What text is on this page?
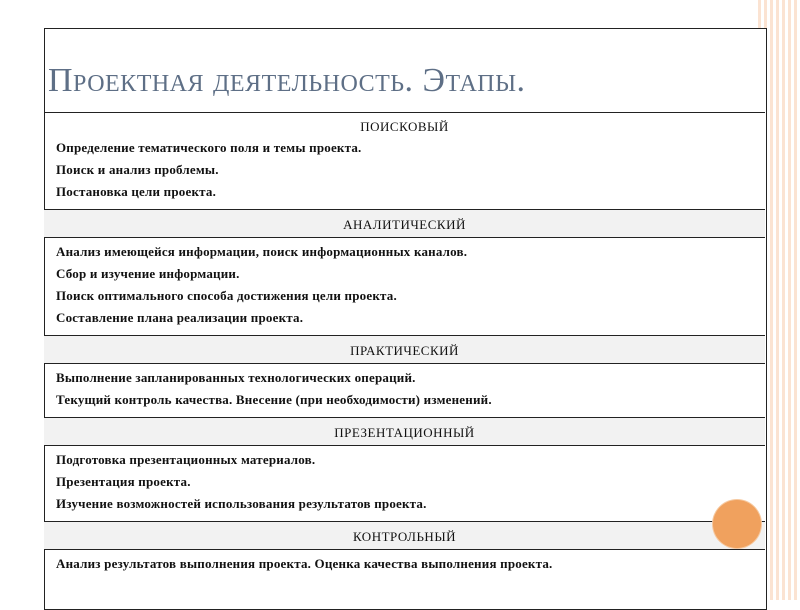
Проектная деятельность. Этапы.
ПОИСКОВЫЙ
Определение тематического поля и темы проекта.
Поиск и анализ проблемы.
Постановка цели проекта.
АНАЛИТИЧЕСКИЙ
Анализ имеющейся информации, поиск информационных каналов.
Сбор и изучение информации.
Поиск оптимального способа достижения цели проекта.
Составление плана реализации проекта.
ПРАКТИЧЕСКИЙ
Выполнение запланированных технологических операций.
Текущий контроль качества. Внесение (при необходимости) изменений.
ПРЕЗЕНТАЦИОННЫЙ
Подготовка презентационных материалов.
Презентация проекта.
Изучение возможностей использования результатов проекта.
КОНТРОЛЬНЫЙ
Анализ результатов выполнения проекта. Оценка качества выполнения проекта.
